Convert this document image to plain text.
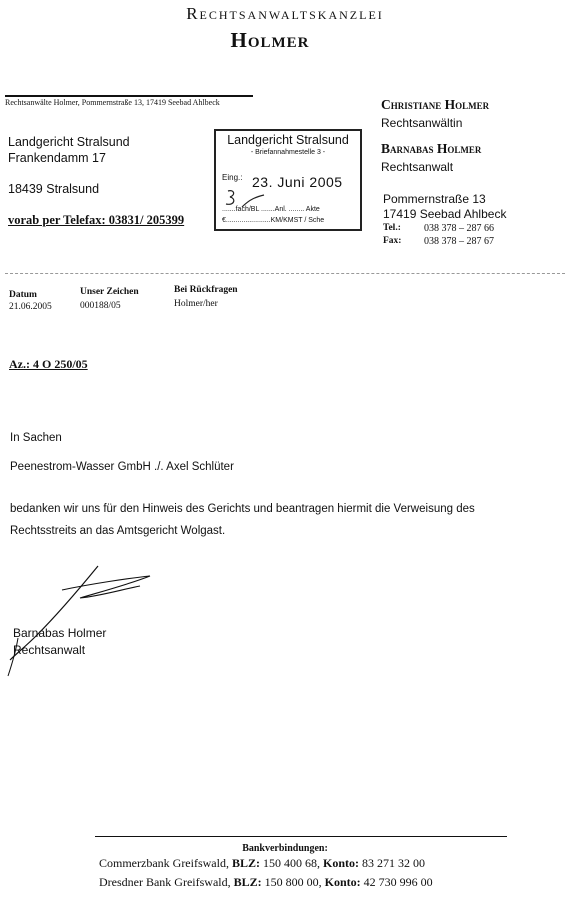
Rechtsanwaltskanzlei
Holmer
Rechtsanwälte Holmer, Pommernstraße 13, 17419 Seebad Ahlbeck
Landgericht Stralsund
Frankendamm 17
18439 Stralsund
vorab per Telefax: 03831/ 205399
Landgericht Stralsund
- Briefannahmestelle 3 -
Eing.: 23. Juni 2005
.......fach/BL .......Anl. ........ Akte
€.......................KM/KMST / Sche
Christiane Holmer
Rechtsanwältin
Barnabas Holmer
Rechtsanwalt
Pommernstraße 13
17419 Seebad Ahlbeck
Tel.: 038 378 – 287 66
Fax: 038 378 – 287 67
Datum
21.06.2005
Unser Zeichen
000188/05
Bei Rückfragen
Holmer/her
Az.: 4 O 250/05
In Sachen
Peenestrom-Wasser GmbH ./. Axel Schlüter
bedanken wir uns für den Hinweis des Gerichts und beantragen hiermit die Verweisung des
Rechtsstreits an das Amtsgericht Wolgast.
Barnabas Holmer
Rechtsanwalt
Bankverbindungen:
Commerzbank Greifswald, BLZ: 150 400 68, Konto: 83 271 32 00
Dresdner Bank Greifswald, BLZ: 150 800 00, Konto: 42 730 996 00
